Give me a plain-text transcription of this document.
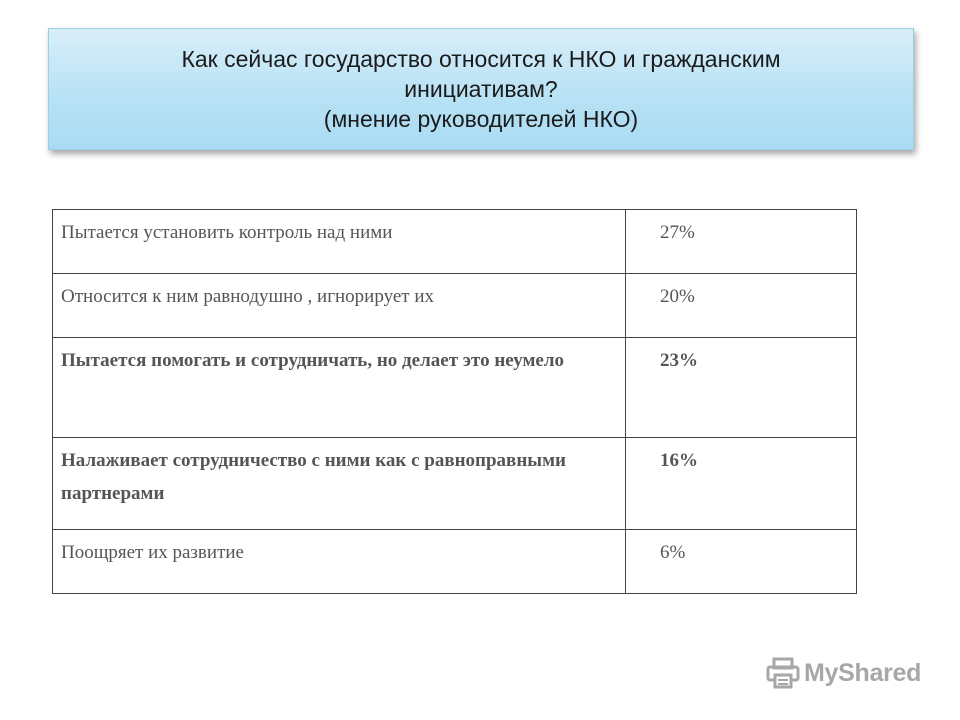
Как сейчас государство относится к НКО и гражданским
инициативам?
(мнение руководителей НКО)
Пытается установить контроль над ними	27%
Относится к ним равнодушно , игнорирует их	20%
Пытается помогать и сотрудничать, но делает это неумело	23%
Налаживает сотрудничество с ними как с равноправными партнерами	16%
Поощряет их развитие	6%
MyShared
